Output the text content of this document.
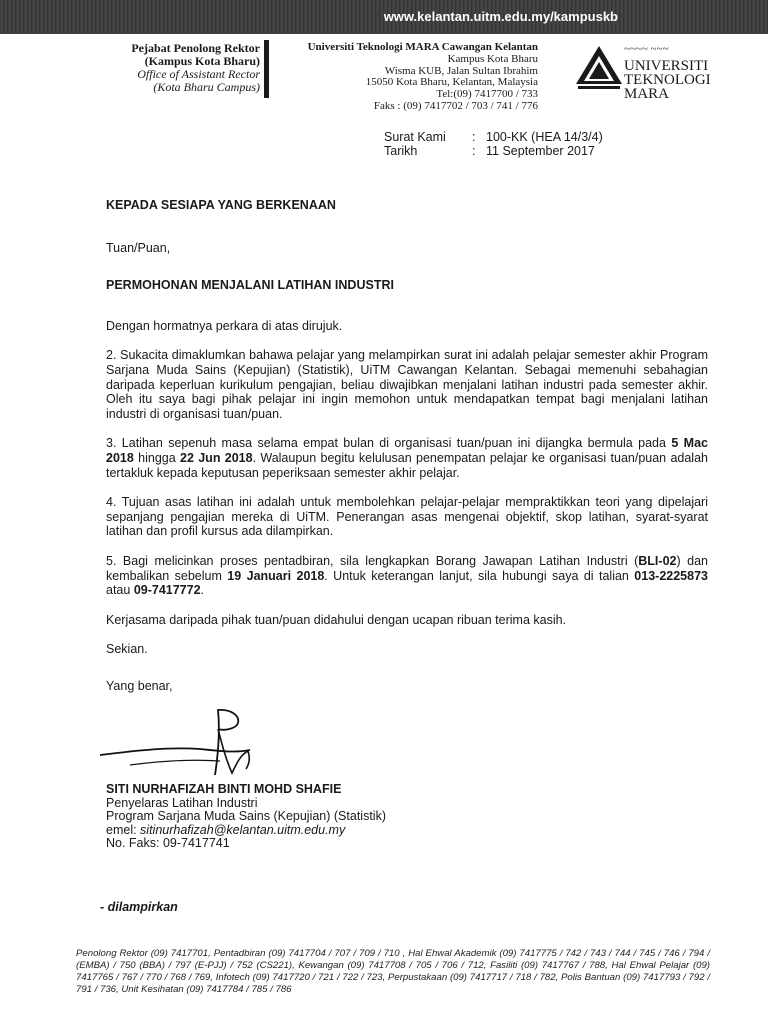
www.kelantan.uitm.edu.my/kampuskb
Pejabat Penolong Rektor
(Kampus Kota Bharu)
Office of Assistant Rector
(Kota Bharu Campus)
Universiti Teknologi MARA Cawangan Kelantan
Kampus Kota Bharu
Wisma KUB, Jalan Sultan Ibrahim
15050 Kota Bharu, Kelantan, Malaysia
Tel:(09) 7417700 / 733
Faks : (09) 7417702 / 703 / 741 / 776
~~~~ ~~~
UNIVERSITI
TEKNOLOGI
MARA
Surat Kami	: 100-KK (HEA 14/3/4)
Tarikh	: 11 September 2017

KEPADA SESIAPA YANG BERKENAAN

Tuan/Puan,

PERMOHONAN MENJALANI LATIHAN INDUSTRI

Dengan hormatnya perkara di atas dirujuk.

2. Sukacita dimaklumkan bahawa pelajar yang melampirkan surat ini adalah pelajar semester akhir Program Sarjana Muda Sains (Kepujian) (Statistik), UiTM Cawangan Kelantan. Sebagai memenuhi sebahagian daripada keperluan kurikulum pengajian, beliau diwajibkan menjalani latihan industri pada semester akhir. Oleh itu saya bagi pihak pelajar ini ingin memohon untuk mendapatkan tempat bagi menjalani latihan industri di organisasi tuan/puan.

3. Latihan sepenuh masa selama empat bulan di organisasi tuan/puan ini dijangka bermula pada 5 Mac 2018 hingga 22 Jun 2018. Walaupun begitu kelulusan penempatan pelajar ke organisasi tuan/puan adalah tertakluk kepada keputusan peperiksaan semester akhir pelajar.

4. Tujuan asas latihan ini adalah untuk membolehkan pelajar-pelajar mempraktikkan teori yang dipelajari sepanjang pengajian mereka di UiTM. Penerangan asas mengenai objektif, skop latihan, syarat-syarat latihan dan profil kursus ada dilampirkan.

5. Bagi melicinkan proses pentadbiran, sila lengkapkan Borang Jawapan Latihan Industri (BLI-02) dan kembalikan sebelum 19 Januari 2018. Untuk keterangan lanjut, sila hubungi saya di talian 013-2225873 atau 09-7417772.

Kerjasama daripada pihak tuan/puan didahului dengan ucapan ribuan terima kasih.

Sekian.

Yang benar,

SITI NURHAFIZAH BINTI MOHD SHAFIE
Penyelaras Latihan Industri
Program Sarjana Muda Sains (Kepujian) (Statistik)
emel: sitinurhafizah@kelantan.uitm.edu.my
No. Faks: 09-7417741
- dilampirkan
Penolong Rektor (09) 7417701, Pentadbiran (09) 7417704 / 707 / 709 / 710 , Hal Ehwal Akademik (09) 7417775 / 742 / 743 / 744 / 745 / 746 / 794 / (EMBA) / 750 (BBA) / 797 (E-PJJ) / 752 (CS221), Kewangan (09) 7417708 / 705 / 706 / 712, Fasiliti (09) 7417767 / 788, Hal Ehwal Pelajar (09) 7417765 / 767 / 770 / 768 / 769, Infotech (09) 7417720 / 721 / 722 / 723, Perpustakaan (09) 7417717 / 718 / 782, Polis Bantuan (09) 7417793 / 792 / 791 / 736, Unit Kesihatan (09) 7417784 / 785 / 786
